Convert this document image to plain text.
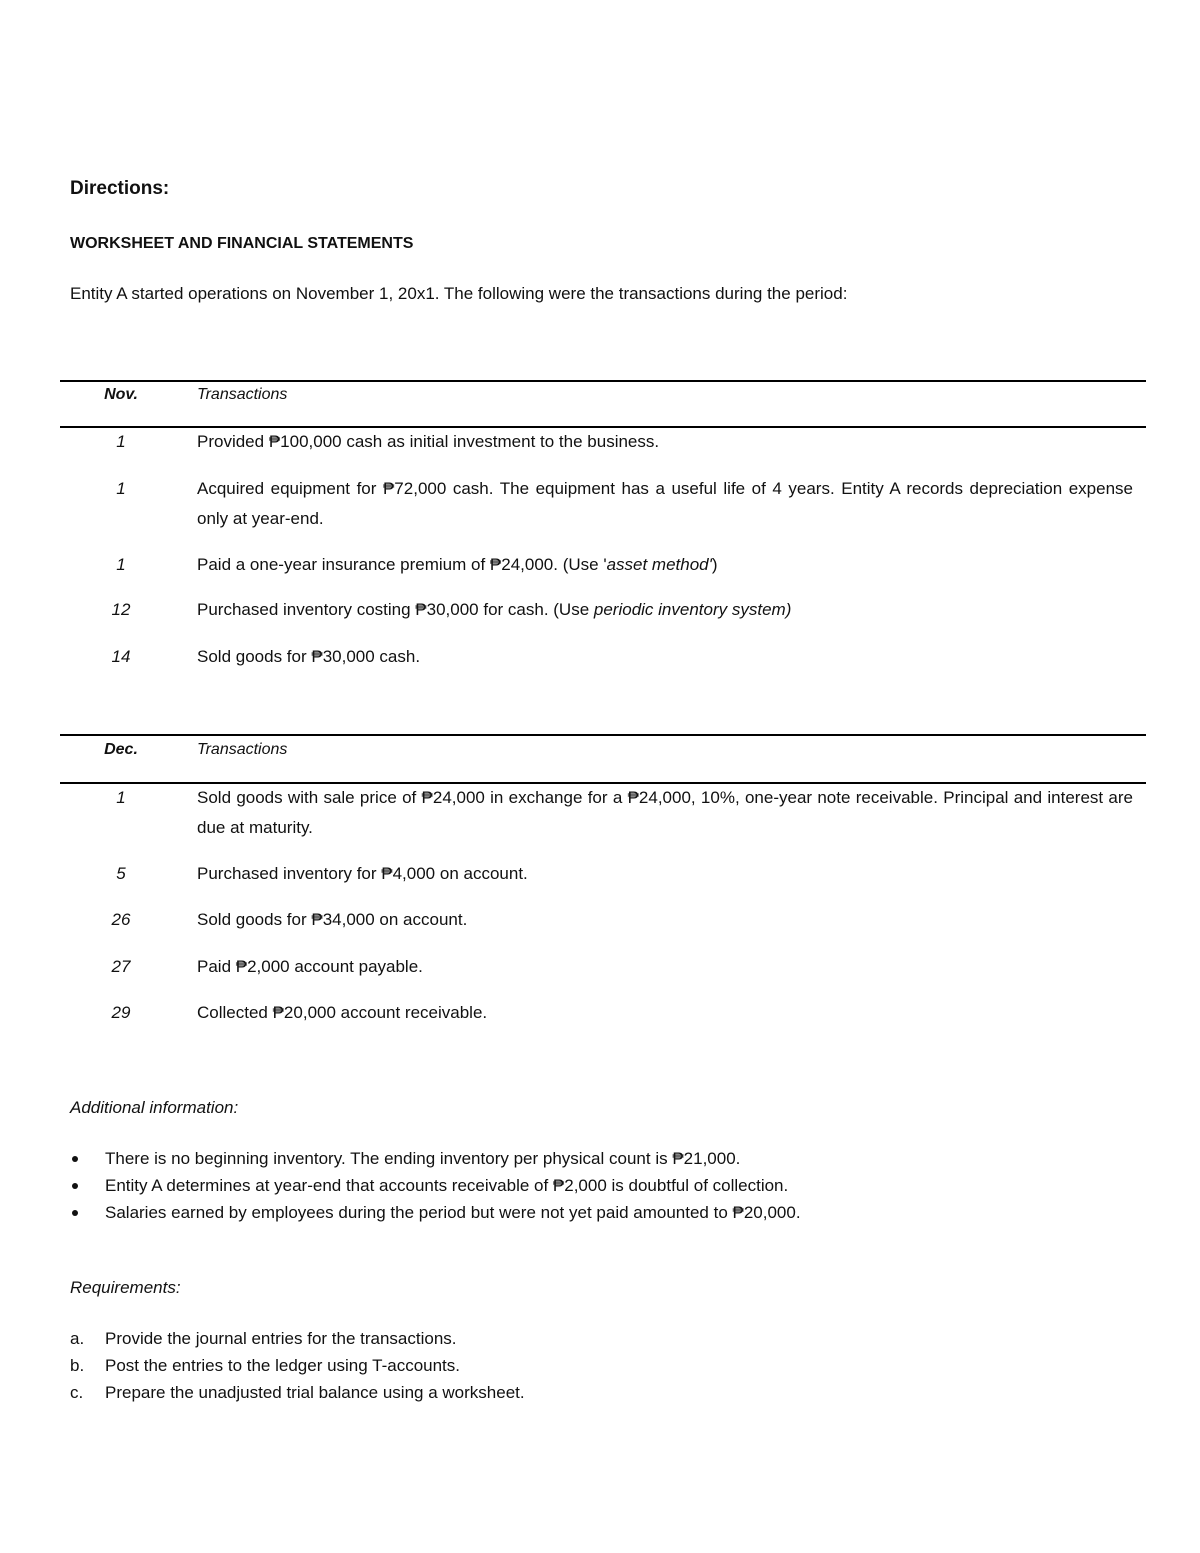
Directions:
WORKSHEET AND FINANCIAL STATEMENTS
Entity A started operations on November 1, 20x1. The following were the transactions during the period:
Nov.	Transactions
1	Provided ₱100,000 cash as initial investment to the business.
1	Acquired equipment for ₱72,000 cash. The equipment has a useful life of 4 years. Entity A records depreciation expense only at year-end.
1	Paid a one-year insurance premium of ₱24,000. (Use 'asset method')
12	Purchased inventory costing ₱30,000 for cash. (Use periodic inventory system)
14	Sold goods for ₱30,000 cash.
Dec.	Transactions
1	Sold goods with sale price of ₱24,000 in exchange for a ₱24,000, 10%, one-year note receivable. Principal and interest are due at maturity.
5	Purchased inventory for ₱4,000 on account.
26	Sold goods for ₱34,000 on account.
27	Paid ₱2,000 account payable.
29	Collected ₱20,000 account receivable.
Additional information:
There is no beginning inventory. The ending inventory per physical count is ₱21,000.
Entity A determines at year-end that accounts receivable of ₱2,000 is doubtful of collection.
Salaries earned by employees during the period but were not yet paid amounted to ₱20,000.
Requirements:
a. Provide the journal entries for the transactions.
b. Post the entries to the ledger using T-accounts.
c. Prepare the unadjusted trial balance using a worksheet.
